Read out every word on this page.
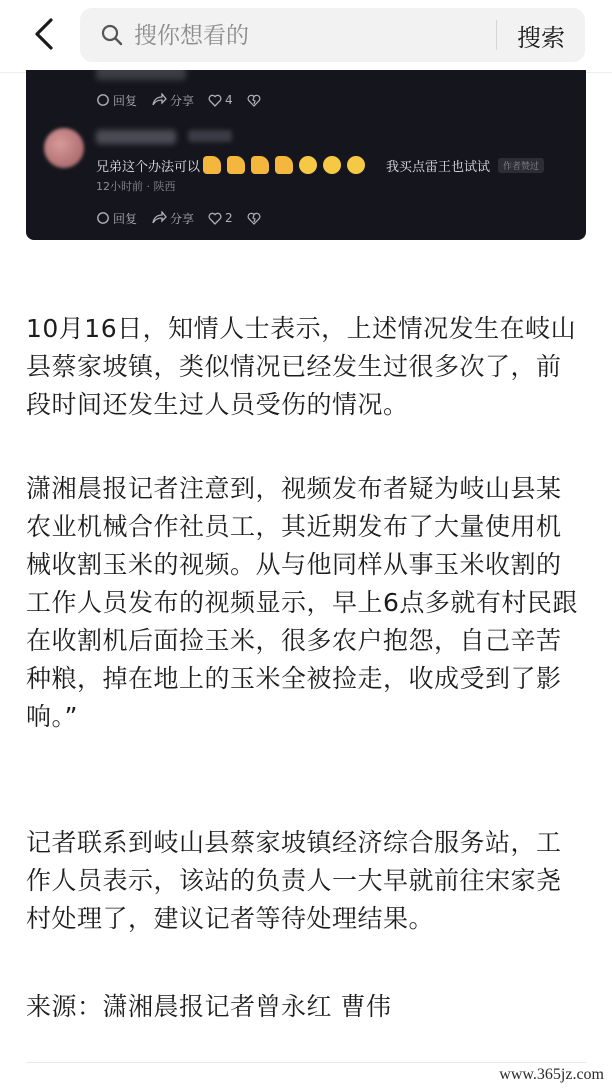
搜你想看的
搜索
回复	分享	4
兄弟这个办法可以	我买点雷王也试试	作者赞过
12小时前 · 陕西
回复	分享	2

10月16日，知情人士表示，上述情况发生在岐山县蔡家坡镇，类似情况已经发生过很多次了，前段时间还发生过人员受伤的情况。

潇湘晨报记者注意到，视频发布者疑为岐山县某农业机械合作社员工，其近期发布了大量使用机械收割玉米的视频。从与他同样从事玉米收割的工作人员发布的视频显示，早上6点多就有村民跟在收割机后面捡玉米，很多农户抱怨，自己辛苦种粮，掉在地上的玉米全被捡走，收成受到了影响。”

记者联系到岐山县蔡家坡镇经济综合服务站，工作人员表示，该站的负责人一大早就前往宋家尧村处理了，建议记者等待处理结果。

来源：潇湘晨报记者曾永红 曹伟
www.365jz.com
